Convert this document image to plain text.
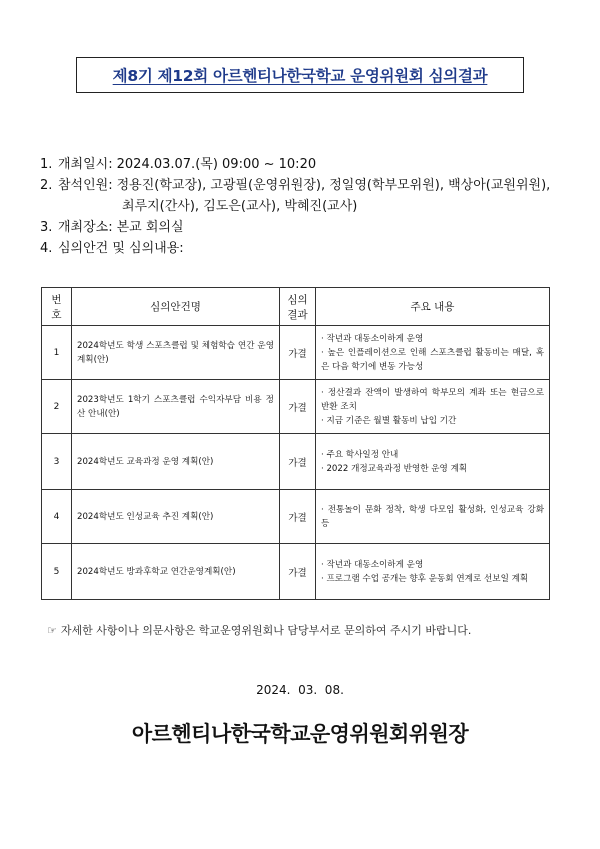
제8기 제12회 아르헨티나한국학교 운영위원회 심의결과
1. 개최일시: 2024.03.07.(목) 09:00 ~ 10:20
2. 참석인원: 정용진(학교장), 고광필(운영위원장), 정일영(학부모위원), 백상아(교원위원),
최루지(간사), 김도은(교사), 박혜진(교사)
3. 개최장소: 본교 회의실
4. 심의안건 및 심의내용:
번호	심의안건명	심의결과	주요 내용
1	2024학년도 학생 스포츠클럽 및 체험학습 연간 운영 계획(안)	가결	· 작년과 대동소이하게 운영
· 높은 인플레이션으로 인해 스포츠클럽 활동비는 매달, 혹은 다음 학기에 변동 가능성

2	2023학년도 1학기 스포츠클럽 수익자부담 비용 정산 안내(안)	가결	· 정산결과 잔액이 발생하여 학부모의 계좌 또는 현금으로 반환 조치
· 지금 기준은 월별 활동비 납입 기간

3	2024학년도 교육과정 운영 계획(안)	가결	· 주요 학사일정 안내
· 2022 개정교육과정 반영한 운영 계획

4	2024학년도 인성교육 추진 계획(안)	가결	· 전통놀이 문화 정착, 학생 다모임 활성화, 인성교육 강화 등

5	2024학년도 방과후학교 연간운영계획(안)	가결	· 작년과 대동소이하게 운영
· 프로그램 수업 공개는 향후 운동회 연계로 선보일 계획
☞ 자세한 사항이나 의문사항은 학교운영위원회나 담당부서로 문의하여 주시기 바랍니다.
2024.  03.  08.
아르헨티나한국학교운영위원회위원장
